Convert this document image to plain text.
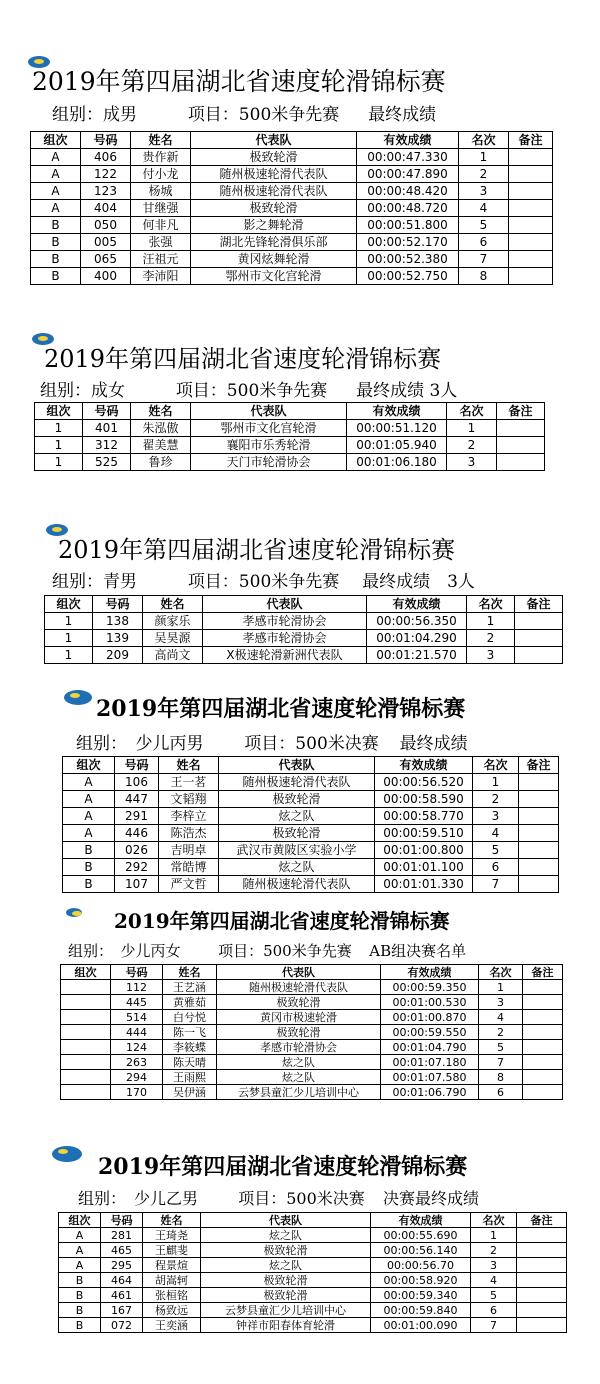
2019年第四届湖北省速度轮滑锦标赛
组别：成男	项目：500米争先赛 最终成绩
组次	号码	姓名	代表队	有效成绩	名次	备注
A	406	贵作新	极致轮滑	00:00:47.330	1	
A	122	付小龙	随州极速轮滑代表队	00:00:47.890	2	
A	123	杨城	随州极速轮滑代表队	00:00:48.420	3	
A	404	甘继强	极致轮滑	00:00:48.720	4	
B	050	何非凡	影之舞轮滑	00:00:51.800	5	
B	005	张强	湖北先锋轮滑俱乐部	00:00:52.170	6	
B	065	汪祖元	黄冈炫舞轮滑	00:00:52.380	7	
B	400	李沛阳	鄂州市文化宫轮滑	00:00:52.750	8	
2019年第四届湖北省速度轮滑锦标赛
组别：成女	项目：500米争先赛 最终成绩 3人
组次	号码	姓名	代表队	有效成绩	名次	备注
1	401	朱泓傲	鄂州市文化宫轮滑	00:00:51.120	1	
1	312	翟美慧	襄阳市乐秀轮滑	00:01:05.940	2	
1	525	鲁珍	天门市轮滑协会	00:01:06.180	3	
2019年第四届湖北省速度轮滑锦标赛
组别：青男	项目：500米争先赛 最终成绩　3人
组次	号码	姓名	代表队	有效成绩	名次	备注
1	138	颜家乐	孝感市轮滑协会	00:00:56.350	1	
1	139	吴昊源	孝感市轮滑协会	00:01:04.290	2	
1	209	高尚文	X极速轮滑新洲代表队	00:01:21.570	3	
2019年第四届湖北省速度轮滑锦标赛
组别：　少儿丙男 项目：500米决赛 最终成绩
组次	号码	姓名	代表队	有效成绩	名次	备注
A	106	王一茗	随州极速轮滑代表队	00:00:56.520	1	
A	447	文韬翔	极致轮滑	00:00:58.590	2	
A	291	李梓立	炫之队	00:00:58.770	3	
A	446	陈浩杰	极致轮滑	00:00:59.510	4	
B	026	吉明卓	武汉市黄陂区实验小学	00:01:00.800	5	
B	292	常皓博	炫之队	00:01:01.100	6	
B	107	严文哲	随州极速轮滑代表队	00:01:01.330	7	
2019年第四届湖北省速度轮滑锦标赛
组别：　少儿丙女	项目：500米争先赛 AB组决赛名单
组次	号码	姓名	代表队	有效成绩	名次	备注
	112	王艺涵	随州极速轮滑代表队	00:00:59.350	1	
	445	黄雅茹	极致轮滑	00:01:00.530	3	
	514	白兮悦	黄冈市极速轮滑	00:01:00.870	4	
	444	陈一飞	极致轮滑	00:00:59.550	2	
	124	李筱蝶	孝感市轮滑协会	00:01:04.790	5	
	263	陈天晴	炫之队	00:01:07.180	7	
	294	王雨熙	炫之队	00:01:07.580	8	
	170	吴伊涵	云梦县童汇少儿培训中心	00:01:06.790	6	
2019年第四届湖北省速度轮滑锦标赛
组别：　少儿乙男	项目：500米决赛 决赛最终成绩
组次	号码	姓名	代表队	有效成绩	名次	备注
A	281	王琦尧	炫之队	00:00:55.690	1	
A	465	王麒斐	极致轮滑	00:00:56.140	2	
A	295	程景煊	炫之队	00:00:56.70	3	
B	464	胡嵩轲	极致轮滑	00:00:58.920	4	
B	461	张桓铭	极致轮滑	00:00:59.340	5	
B	167	杨致远	云梦县童汇少儿培训中心	00:00:59.840	6	
B	072	王奕涵	钟祥市阳春体育轮滑	00:01:00.090	7	
